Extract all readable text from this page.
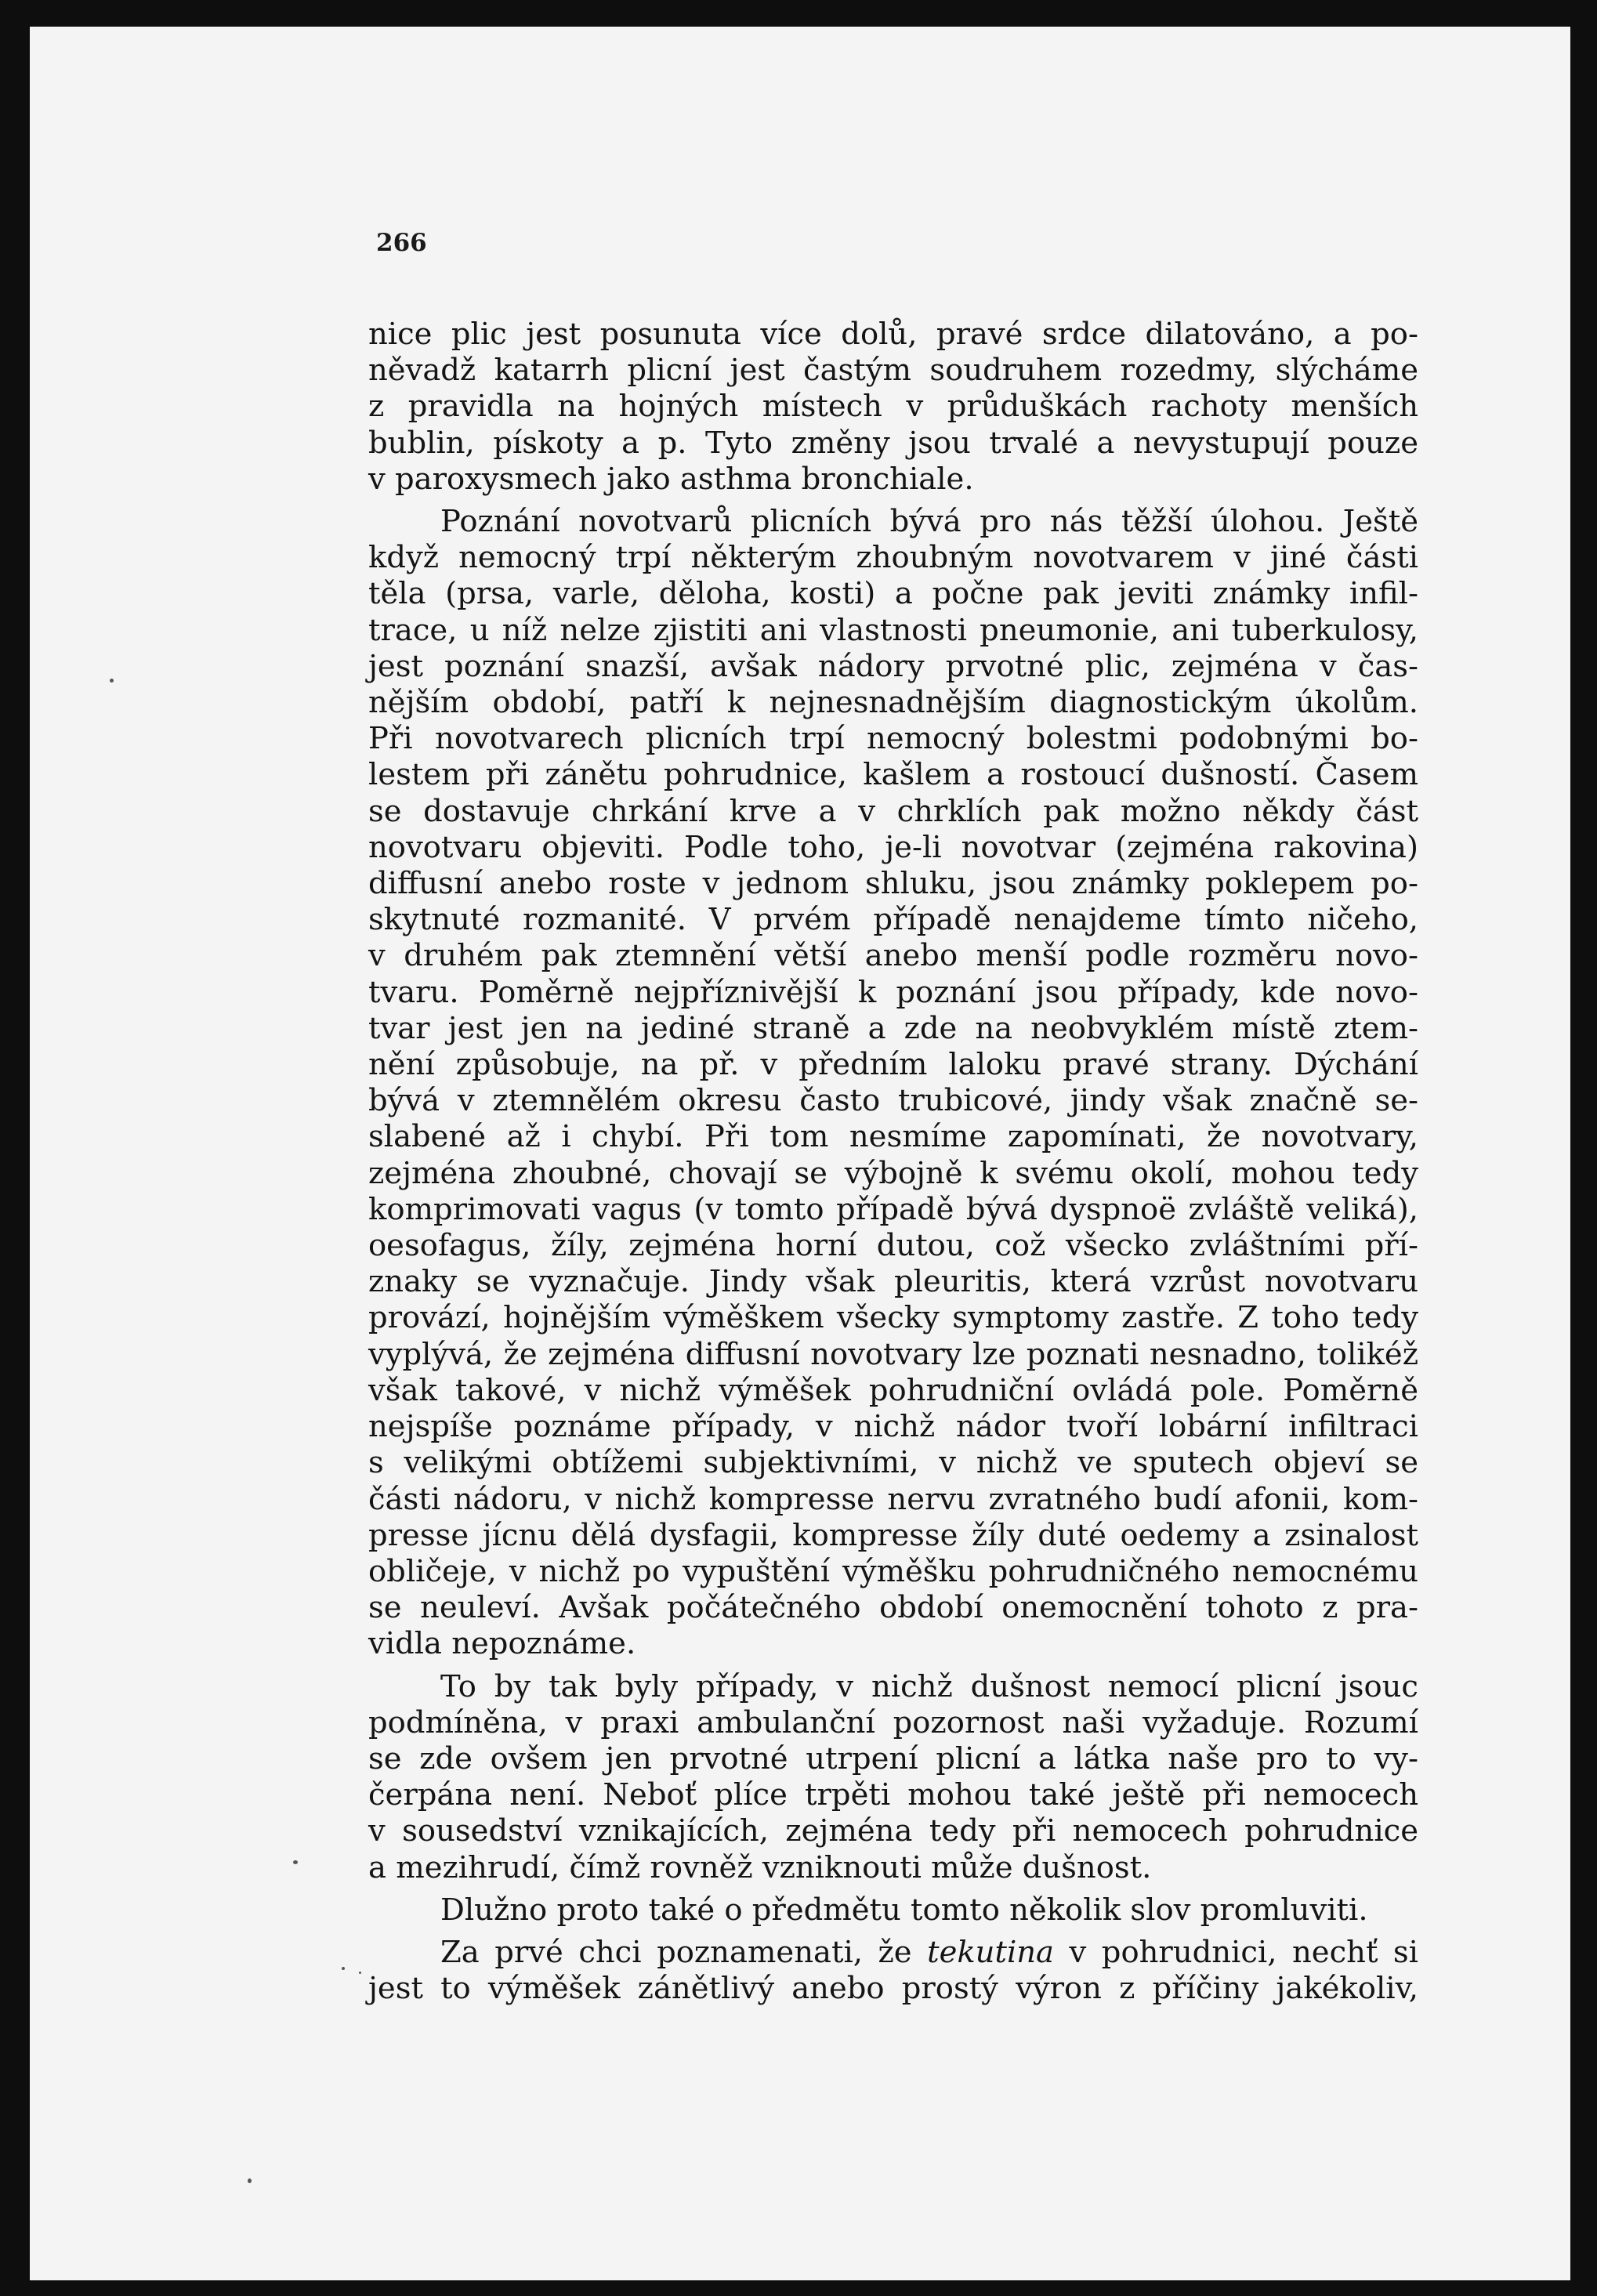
266

nice plic jest posunuta více dolů, pravé srdce dilatováno, a po-
něvadž katarrh plicní jest častým soudruhem rozedmy, slýcháme
z pravidla na hojných místech v průduškách rachoty menších
bublin, pískoty a p. Tyto změny jsou trvalé a nevystupují pouze
v paroxysmech jako asthma bronchiale.
Poznání novotvarů plicních bývá pro nás těžší úlohou. Ještě
když nemocný trpí některým zhoubným novotvarem v jiné části
těla (prsa, varle, děloha, kosti) a počne pak jeviti známky infil-
trace, u níž nelze zjistiti ani vlastnosti pneumonie, ani tuberkulosy,
jest poznání snazší, avšak nádory prvotné plic, zejména v čas-
nějším období, patří k nejnesnadnějším diagnostickým úkolům.
Při novotvarech plicních trpí nemocný bolestmi podobnými bo-
lestem při zánětu pohrudnice, kašlem a rostoucí dušností. Časem
se dostavuje chrkání krve a v chrklích pak možno někdy část
novotvaru objeviti. Podle toho, je-li novotvar (zejména rakovina)
diffusní anebo roste v jednom shluku, jsou známky poklepem po-
skytnuté rozmanité. V prvém případě nenajdeme tímto ničeho,
v druhém pak ztemnění větší anebo menší podle rozměru novo-
tvaru. Poměrně nejpříznivější k poznání jsou případy, kde novo-
tvar jest jen na jediné straně a zde na neobvyklém místě ztem-
nění způsobuje, na př. v předním laloku pravé strany. Dýchání
bývá v ztemnělém okresu často trubicové, jindy však značně se-
slabené až i chybí. Při tom nesmíme zapomínati, že novotvary,
zejména zhoubné, chovají se výbojně k svému okolí, mohou tedy
komprimovati vagus (v tomto případě bývá dyspnoë zvláště veliká),
oesofagus, žíly, zejména horní dutou, což všecko zvláštními pří-
znaky se vyznačuje. Jindy však pleuritis, která vzrůst novotvaru
provází, hojnějším výměškem všecky symptomy zastře. Z toho tedy
vyplývá, že zejména diffusní novotvary lze poznati nesnadno, tolikéž
však takové, v nichž výměšek pohrudniční ovládá pole. Poměrně
nejspíše poznáme případy, v nichž nádor tvoří lobární infiltraci
s velikými obtížemi subjektivními, v nichž ve sputech objeví se
části nádoru, v nichž kompresse nervu zvratného budí afonii, kom-
presse jícnu dělá dysfagii, kompresse žíly duté oedemy a zsinalost
obličeje, v nichž po vypuštění výměšku pohrudničného nemocnému
se neuleví. Avšak počátečného období onemocnění tohoto z pra-
vidla nepoznáme.
To by tak byly případy, v nichž dušnost nemocí plicní jsouc
podmíněna, v praxi ambulanční pozornost naši vyžaduje. Rozumí
se zde ovšem jen prvotné utrpení plicní a látka naše pro to vy-
čerpána není. Neboť plíce trpěti mohou také ještě při nemocech
v sousedství vznikajících, zejména tedy při nemocech pohrudnice
a mezihrudí, čímž rovněž vzniknouti může dušnost.
Dlužno proto také o předmětu tomto několik slov promluviti.
Za prvé chci poznamenati, že tekutina v pohrudnici, nechť si
jest to výměšek zánětlivý anebo prostý výron z příčiny jakékoliv,
